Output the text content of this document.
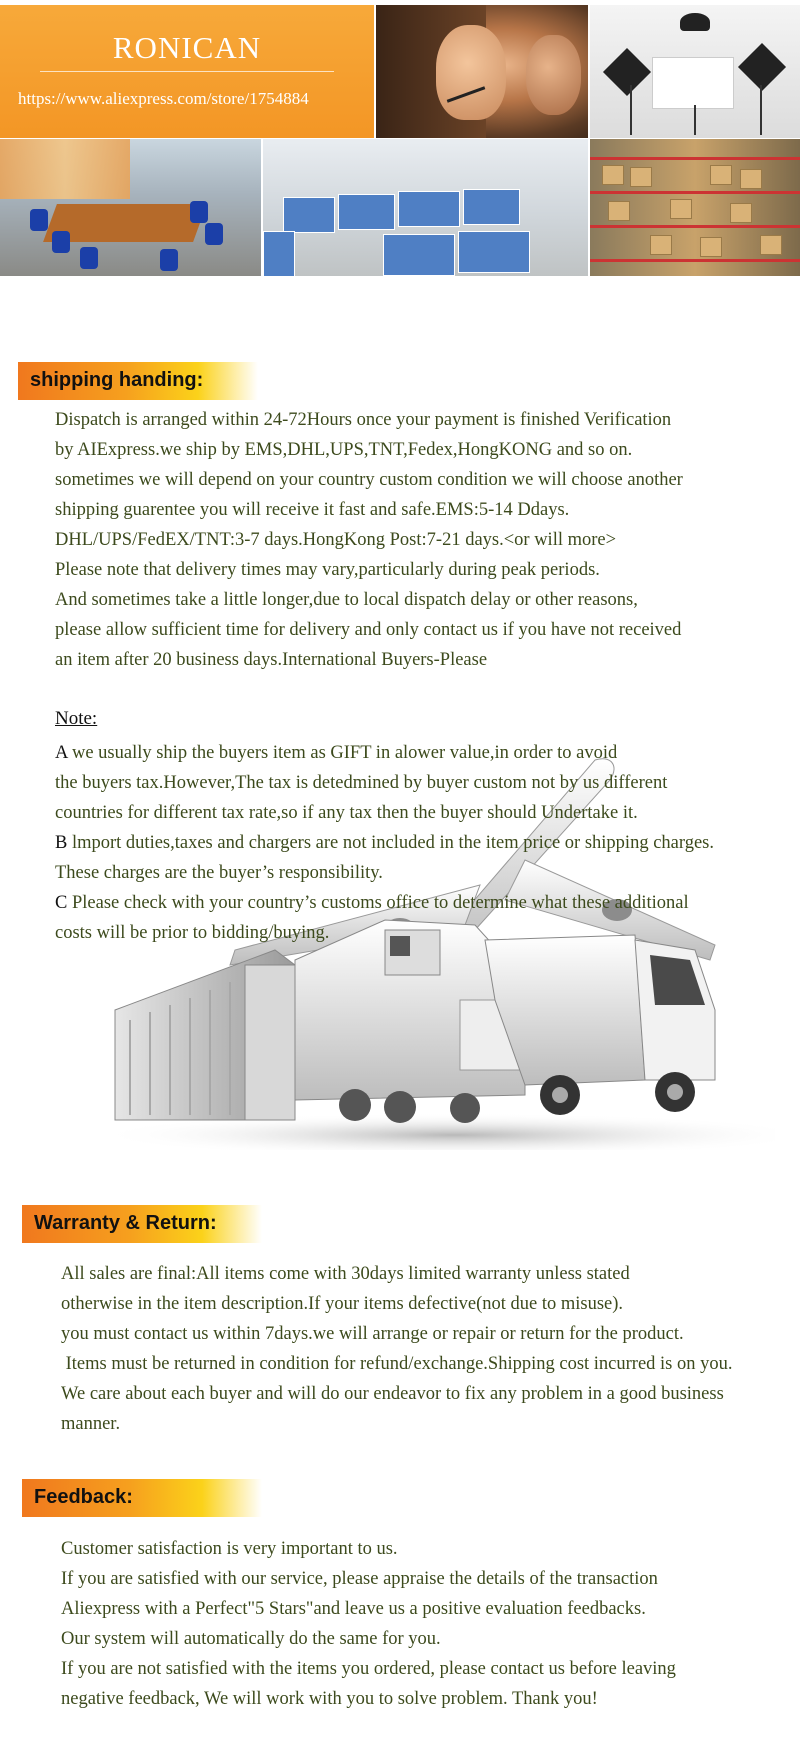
RONICAN
https://www.aliexpress.com/store/1754884
shipping handing:
Dispatch is arranged within 24-72Hours once your payment is finished Verification
by AIExpress.we ship by EMS,DHL,UPS,TNT,Fedex,HongKONG and so on.
sometimes we will depend on your country custom condition we will choose another
shipping guarentee you will receive it fast and safe.EMS:5-14 Ddays.
DHL/UPS/FedEX/TNT:3-7 days.HongKong Post:7-21 days.<or will more>
Please note that delivery times may vary,particularly during peak periods.
And sometimes take a little longer,due to local dispatch delay or other reasons,
please allow sufficient time for delivery and only contact us if you have not received
an item after 20 business days.International Buyers-Please
Note:
A we usually ship the buyers item as GIFT in alower value,in order to avoid
the buyers tax.However,The tax is detedmined by buyer custom not by us different
countries for different tax rate,so if any tax then the buyer should Undertake it.
B lmport duties,taxes and chargers are not included in the item price or shipping charges.
These charges are the buyer’s responsibility.
C Please check with your country’s customs office to determine what these additional
costs will be prior to bidding/buying.
Warranty & Return:
All sales are final:All items come with 30days limited warranty unless stated
otherwise in the item description.If your items defective(not due to misuse).
you must contact us within 7days.we will arrange or repair or return for the product.
Items must be returned in condition for refund/exchange.Shipping cost incurred is on you.
We care about each buyer and will do our endeavor to fix any problem in a good business
manner.
Feedback:
Customer satisfaction is very important to us.
If you are satisfied with our service, please appraise the details of the transaction
Aliexpress with a Perfect"5 Stars"and leave us a positive evaluation feedbacks.
Our system will automatically do the same for you.
If you are not satisfied with the items you ordered, please contact us before leaving
negative feedback, We will work with you to solve problem. Thank you!
